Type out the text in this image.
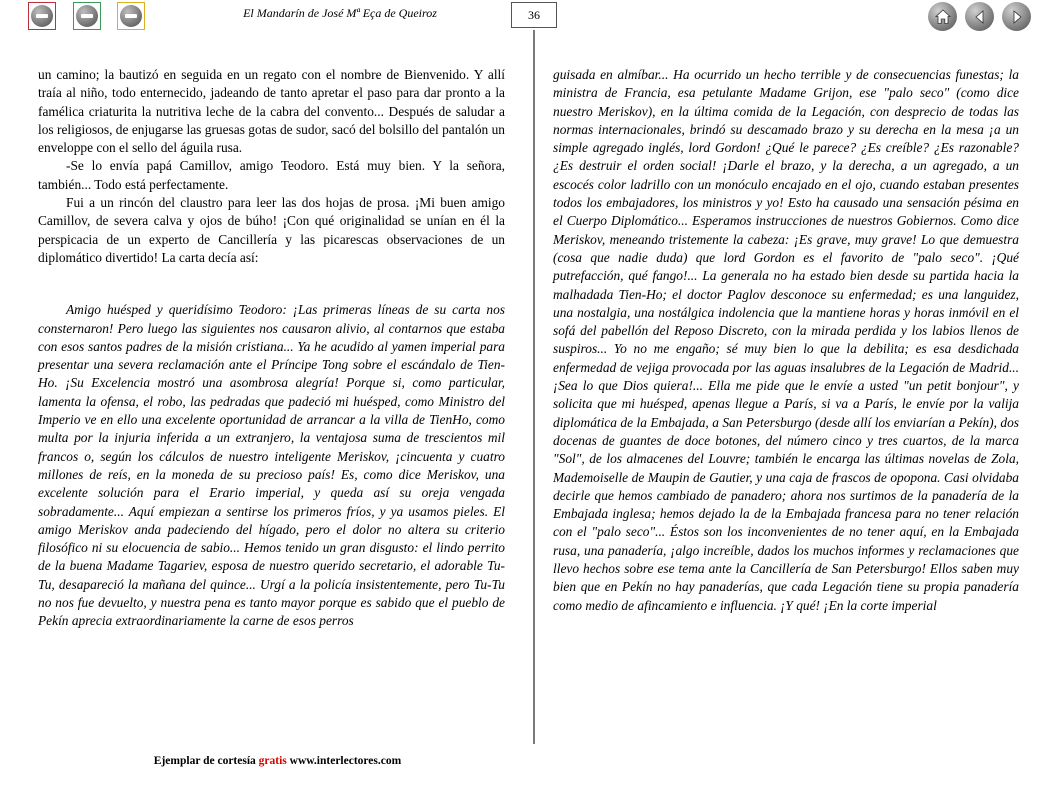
El Mandarín de José Mª Eça de Queiroz	36

un camino; la bautizó en seguida en un regato con el nombre de Bienvenido. Y allí traía al niño, todo enternecido, jadeando de tanto apretar el paso para dar pronto a la famélica criaturita la nutritiva leche de la cabra del convento... Después de saludar a los religiosos, de enjugarse las gruesas gotas de sudor, sacó del bolsillo del pantalón un enveloppe con el sello del águila rusa.

-Se lo envía papá Camillov, amigo Teodoro. Está muy bien. Y la señora, también... Todo está perfectamente.

Fui a un rincón del claustro para leer las dos hojas de prosa. ¡Mi buen amigo Camillov, de severa calva y ojos de búho! ¡Con qué originalidad se unían en él la perspicacia de un experto de Cancillería y las picarescas observaciones de un diplomático divertido! La carta decía así:

Amigo huésped y queridísimo Teodoro: ¡Las primeras líneas de su carta nos consternaron! Pero luego las siguientes nos causaron alivio, al contarnos que estaba con esos santos padres de la misión cristiana... Ya he acudido al yamen imperial para presentar una severa reclamación ante el Príncipe Tong sobre el escándalo de Tien-Ho. ¡Su Excelencia mostró una asombrosa alegría! Porque si, como particular, lamenta la ofensa, el robo, las pedradas que padeció mi huésped, como Ministro del Imperio ve en ello una excelente oportunidad de arrancar a la villa de TienHo, como multa por la injuria inferida a un extranjero, la ventajosa suma de trescientos mil francos o, según los cálculos de nuestro inteligente Meriskov, ¡cincuenta y cuatro millones de reís, en la moneda de su precioso país! Es, como dice Meriskov, una excelente solución para el Erario imperial, y queda así su oreja vengada sobradamente... Aquí empiezan a sentirse los primeros fríos, y ya usamos pieles. El amigo Meriskov anda padeciendo del hígado, pero el dolor no altera su criterio filosófico ni su elocuencia de sabio... Hemos tenido un gran disgusto: el lindo perrito de la buena Madame Tagariev, esposa de nuestro querido secretario, el adorable Tu-Tu, desapareció la mañana del quince... Urgí a la policía insistentemente, pero Tu-Tu no nos fue devuelto, y nuestra pena es tanto mayor porque es sabido que el pueblo de Pekín aprecia extraordinariamente la carne de esos perros

guisada en almíbar... Ha ocurrido un hecho terrible y de consecuencias funestas; la ministra de Francia, esa petulante Madame Grijon, ese "palo seco" (como dice nuestro Meriskov), en la última comida de la Legación, con desprecio de todas las normas internacionales, brindó su descamado brazo y su derecha en la mesa ¡a un simple agregado inglés, lord Gordon! ¿Qué le parece? ¿Es creíble? ¿Es razonable? ¿Es destruir el orden social! ¡Darle el brazo, y la derecha, a un agregado, a un escocés color ladrillo con un monóculo encajado en el ojo, cuando estaban presentes todos los embajadores, los ministros y yo! Esto ha causado una sensación pésima en el Cuerpo Diplomático... Esperamos instrucciones de nuestros Gobiernos. Como dice Meriskov, meneando tristemente la cabeza: ¡Es grave, muy grave! Lo que demuestra (cosa que nadie duda) que lord Gordon es el favorito de "palo seco". ¡Qué putrefacción, qué fango!... La generala no ha estado bien desde su partida hacia la malhadada Tien-Ho; el doctor Paglov desconoce su enfermedad; es una languidez, una nostalgia, una nostálgica indolencia que la mantiene horas y horas inmóvil en el sofá del pabellón del Reposo Discreto, con la mirada perdida y los labios llenos de suspiros... Yo no me engaño; sé muy bien lo que la debilita; es esa desdichada enfermedad de vejiga provocada por las aguas insalubres de la Legación de Madrid... ¡Sea lo que Dios quiera!... Ella me pide que le envíe a usted "un petit bonjour", y solicita que mi huésped, apenas llegue a París, si va a París, le envíe por la valija diplomática de la Embajada, a San Petersburgo (desde allí los enviarían a Pekín), dos docenas de guantes de doce botones, del número cinco y tres cuartos, de la marca "Sol", de los almacenes del Louvre; también le encarga las últimas novelas de Zola, Mademoiselle de Maupin de Gautier, y una caja de frascos de opopona. Casi olvidaba decirle que hemos cambiado de panadero; ahora nos surtimos de la panadería de la Embajada inglesa; hemos dejado la de la Embajada francesa para no tener relación con el "palo seco"... Éstos son los inconvenientes de no tener aquí, en la Embajada rusa, una panadería, ¡algo increíble, dados los muchos informes y reclamaciones que llevo hechos sobre ese tema ante la Cancillería de San Petersburgo! Ellos saben muy bien que en Pekín no hay panaderías, que cada Legación tiene su propia panadería como medio de afincamiento e influencia. ¡Y qué! ¡En la corte imperial

Ejemplar de cortesía gratis www.interlectores.com
